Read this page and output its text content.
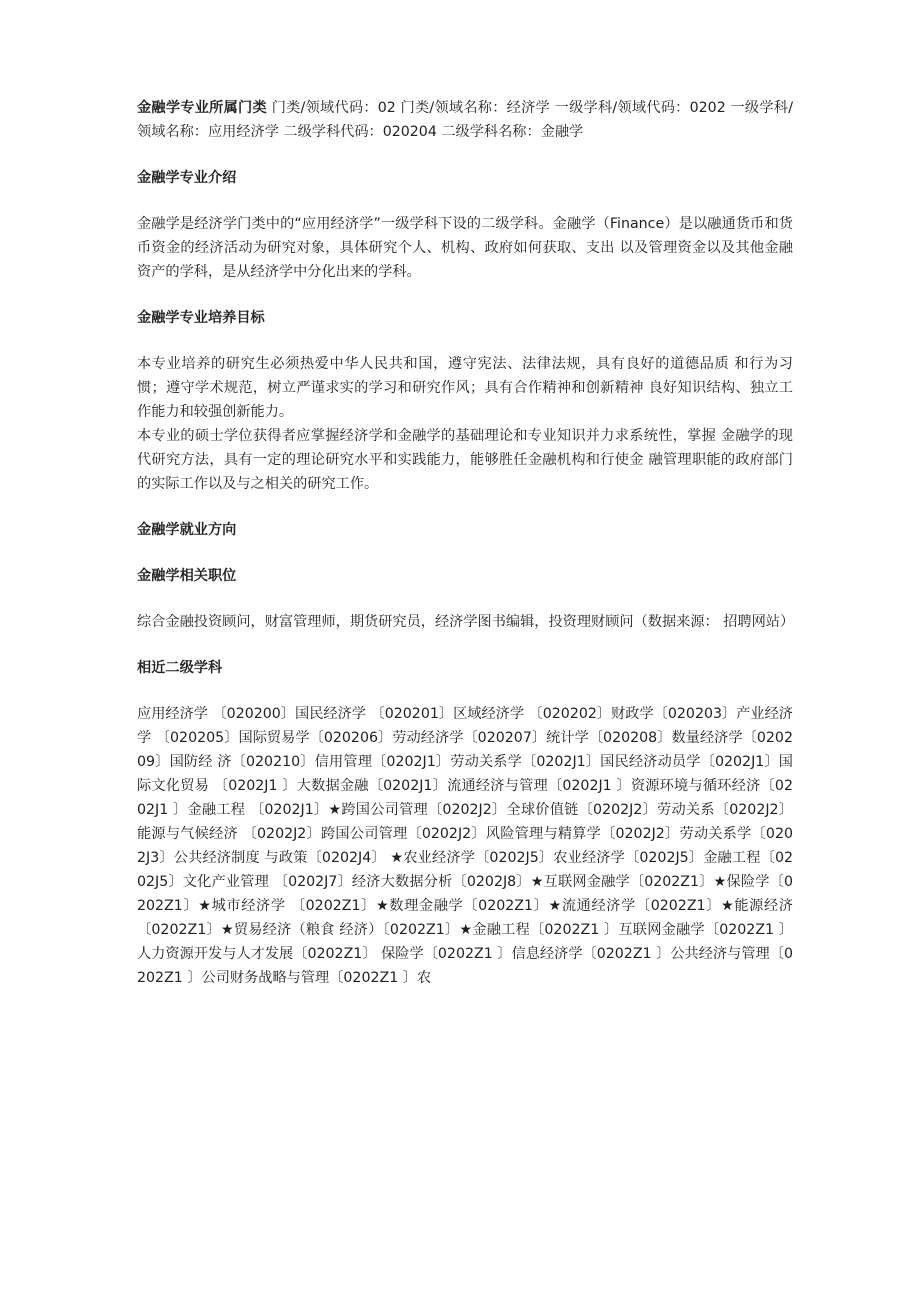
金融学专业所属门类 门类/领域代码：02 门类/领域名称：经济学 一级学科/领域代码：0202 一级学科/领域名称：应用经济学 二级学科代码：020204 二级学科名称：金融学

金融学专业介绍

金融学是经济学门类中的“应用经济学”一级学科下设的二级学科。金融学（Finance）是以融通货币和货币资金的经济活动为研究对象，具体研究个人、机构、政府如何获取、支出 以及管理资金以及其他金融资产的学科，是从经济学中分化出来的学科。

金融学专业培养目标

本专业培养的研究生必须热爱中华人民共和国，遵守宪法、法律法规，具有良好的道德品质 和行为习惯；遵守学术规范，树立严谨求实的学习和研究作风；具有合作精神和创新精神 良好知识结构、独立工作能力和较强创新能力。

本专业的硕士学位获得者应掌握经济学和金融学的基础理论和专业知识并力求系统性，掌握 金融学的现代研究方法，具有一定的理论研究水平和实践能力，能够胜任金融机构和行使金 融管理职能的政府部门的实际工作以及与之相关的研究工作。

金融学就业方向
金融学相关职位

综合金融投资顾问，财富管理师，期货研究员，经济学图书编辑，投资理财顾问（数据来源： 招聘网站）

相近二级学科

应用经济学 〔020200〕国民经济学 〔020201〕区域经济学 〔020202〕财政学〔020203〕产业经济学 〔020205〕国际贸易学〔020206〕劳动经济学〔020207〕统计学〔020208〕数量经济学〔020209〕国防经 济〔020210〕信用管理〔0202J1〕劳动关系学〔0202J1〕国民经济动员学〔0202J1〕国际文化贸易 〔0202J1 〕大数据金融〔0202J1〕流通经济与管理〔0202J1 〕资源环境与循环经济〔0202J1 〕金融工程 〔0202J1〕★跨国公司管理〔0202J2〕全球价值链〔0202J2〕劳动关系〔0202J2〕能源与气候经济 〔0202J2〕跨国公司管理〔0202J2〕风险管理与精算学〔0202J2〕劳动关系学〔0202J3〕公共经济制度 与政策〔0202J4〕 ★农业经济学〔0202J5〕农业经济学〔0202J5〕金融工程〔0202J5〕文化产业管理 〔0202J7〕经济大数据分析〔0202J8〕★互联网金融学〔0202Z1〕★保险学〔0202Z1〕★城市经济学 〔0202Z1〕★数理金融学〔0202Z1〕★流通经济学〔0202Z1〕★能源经济〔0202Z1〕★贸易经济（粮食 经济）〔0202Z1〕★金融工程〔0202Z1 〕互联网金融学〔0202Z1 〕人力资源开发与人才发展〔0202Z1〕 保险学〔0202Z1 〕信息经济学〔0202Z1 〕公共经济与管理〔0202Z1 〕公司财务战略与管理〔0202Z1 〕农
